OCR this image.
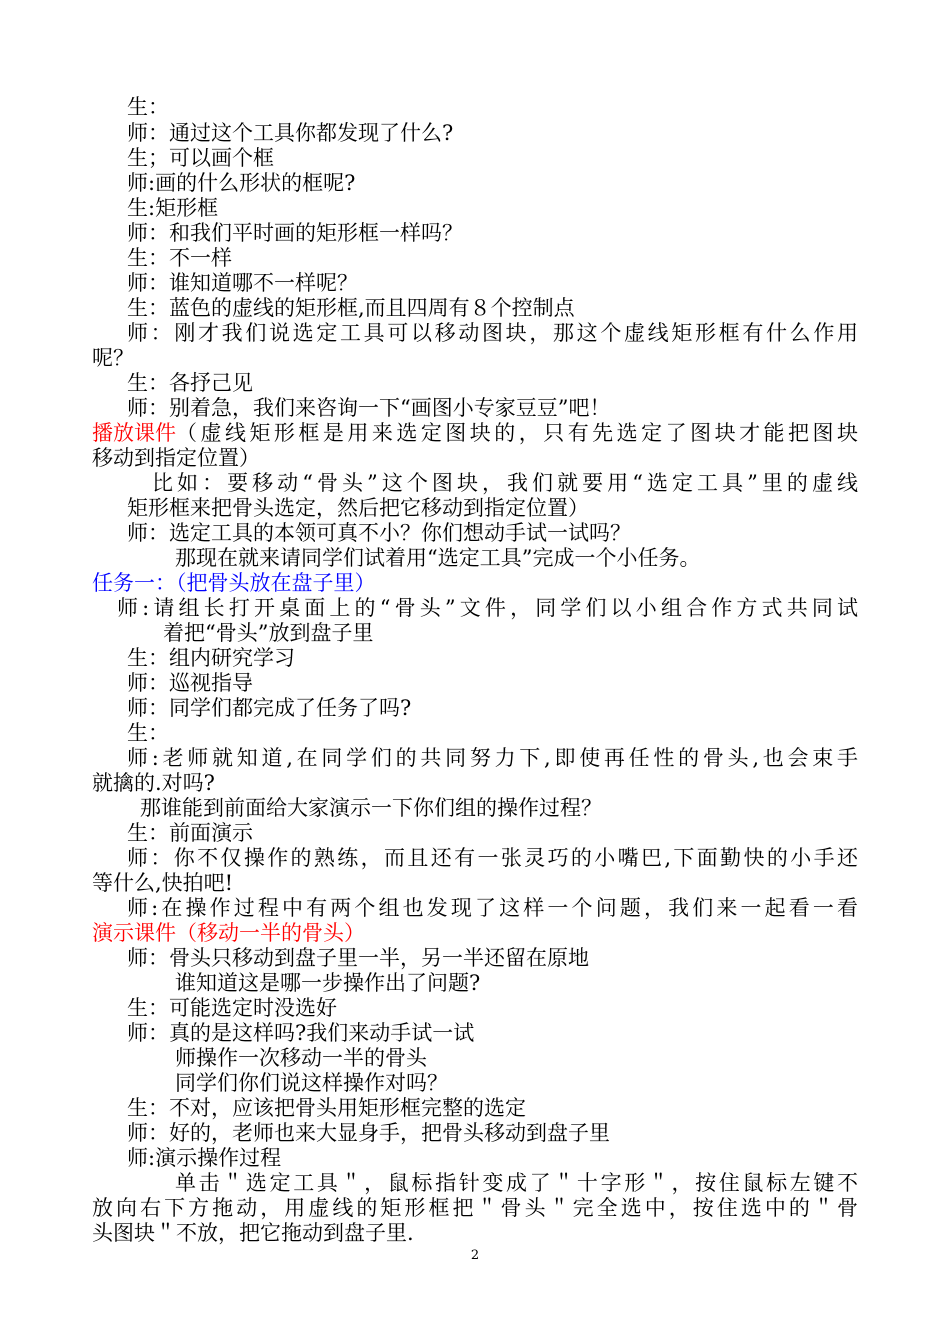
生：
师：通过这个工具你都发现了什么?
生；可以画个框
师:画的什么形状的框呢?
生:矩形框
师：和我们平时画的矩形框一样吗？
生：不一样
师：谁知道哪不一样呢？
生：蓝色的虚线的矩形框,而且四周有８个控制点
师：刚才我们说选定工具可以移动图块，那这个虚线矩形框有什么作用
呢？
生：各抒己见
师：别着急，我们来咨询一下“画图小专家豆豆”吧！
播放课件 （虚线矩形框是用来选定图块的，只有先选定了图块才能把图块
移动到指定位置）
比如：要移动“骨头”这个图块，我们就要用“选定工具”里的虚线
矩形框来把骨头选定，然后把它移动到指定位置）
师：选定工具的本领可真不小？你们想动手试一试吗？
那现在就来请同学们试着用“选定工具”完成一个小任务。
任务一：（把骨头放在盘子里）
师:请组长打开桌面上的“骨头”文件，同学们以小组合作方式共同试
着把“骨头”放到盘子里
生：组内研究学习
师：巡视指导
师：同学们都完成了任务了吗?
生：
师:老师就知道,在同学们的共同努力下,即使再任性的骨头,也会束手
就擒的.对吗?
那谁能到前面给大家演示一下你们组的操作过程？
生：前面演示
师：你不仅操作的熟练，而且还有一张灵巧的小嘴巴,下面勤快的小手还
等什么,快拍吧!
师:在操作过程中有两个组也发现了这样一个问题，我们来一起看一看
演示课件（移动一半的骨头）
师：骨头只移动到盘子里一半，另一半还留在原地
谁知道这是哪一步操作出了问题?
生：可能选定时没选好
师：真的是这样吗?我们来动手试一试
师操作一次移动一半的骨头
同学们你们说这样操作对吗？
生：不对，应该把骨头用矩形框完整的选定
师：好的，老师也来大显身手，把骨头移动到盘子里
师:演示操作过程
单击＂选定工具＂，鼠标指针变成了＂十字形＂，按住鼠标左键不
放向右下方拖动，用虚线的矩形框把＂骨头＂完全选中，按住选中的＂骨
头图块＂不放，把它拖动到盘子里.
2
